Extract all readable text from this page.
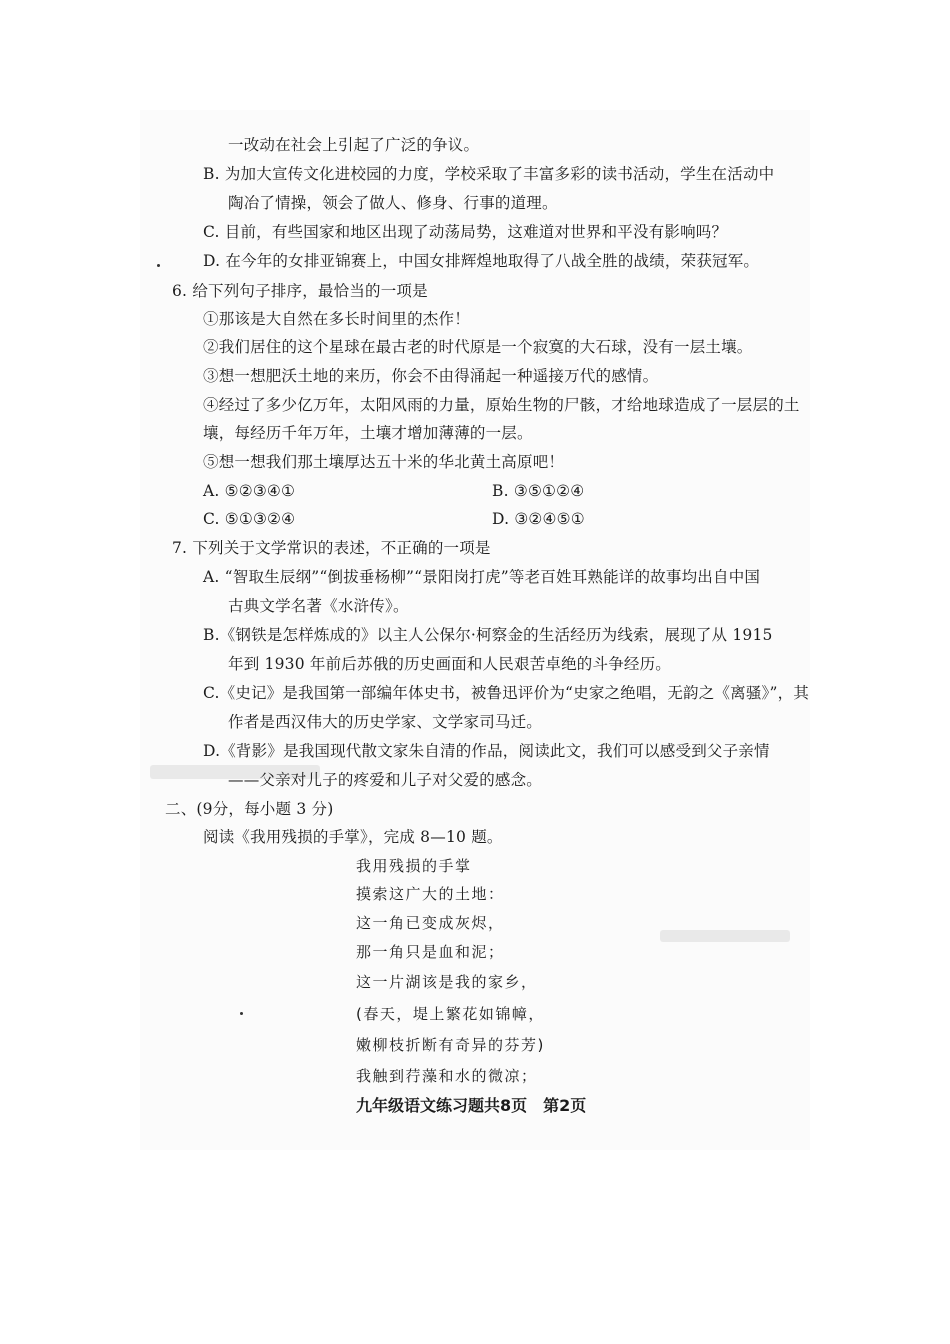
一改动在社会上引起了广泛的争议。
B. 为加大宣传文化进校园的力度，学校采取了丰富多彩的读书活动，学生在活动中
陶冶了情操，领会了做人、修身、行事的道理。
C. 目前，有些国家和地区出现了动荡局势，这难道对世界和平没有影响吗？
D. 在今年的女排亚锦赛上，中国女排辉煌地取得了八战全胜的战绩，荣获冠军。
6. 给下列句子排序，最恰当的一项是
①那该是大自然在多长时间里的杰作！
②我们居住的这个星球在最古老的时代原是一个寂寞的大石球，没有一层土壤。
③想一想肥沃土地的来历，你会不由得涌起一种遥接万代的感情。
④经过了多少亿万年，太阳风雨的力量，原始生物的尸骸，才给地球造成了一层层的土
壤，每经历千年万年，土壤才增加薄薄的一层。
⑤想一想我们那土壤厚达五十米的华北黄土高原吧！
A. ⑤②③④①	B. ③⑤①②④
C. ⑤①③②④	D. ③②④⑤①
7. 下列关于文学常识的表述，不正确的一项是
A. “智取生辰纲”“倒拔垂杨柳”“景阳岗打虎”等老百姓耳熟能详的故事均出自中国
古典文学名著《水浒传》。
B.《钢铁是怎样炼成的》以主人公保尔·柯察金的生活经历为线索，展现了从 1915
年到 1930 年前后苏俄的历史画面和人民艰苦卓绝的斗争经历。
C.《史记》是我国第一部编年体史书，被鲁迅评价为“史家之绝唱，无韵之《离骚》”，其
作者是西汉伟大的历史学家、文学家司马迁。
D.《背影》是我国现代散文家朱自清的作品，阅读此文，我们可以感受到父子亲情
——父亲对儿子的疼爱和儿子对父爱的感念。
二、(9分，每小题 3 分)
阅读《我用残损的手掌》，完成 8—10 题。
我用残损的手掌
摸索这广大的土地：
这一角已变成灰烬，
那一角只是血和泥；
这一片湖该是我的家乡，
(春天，堤上繁花如锦幛，
嫩柳枝折断有奇异的芬芳)
我触到荇藻和水的微凉；
九年级语文练习题共8页　第2页
